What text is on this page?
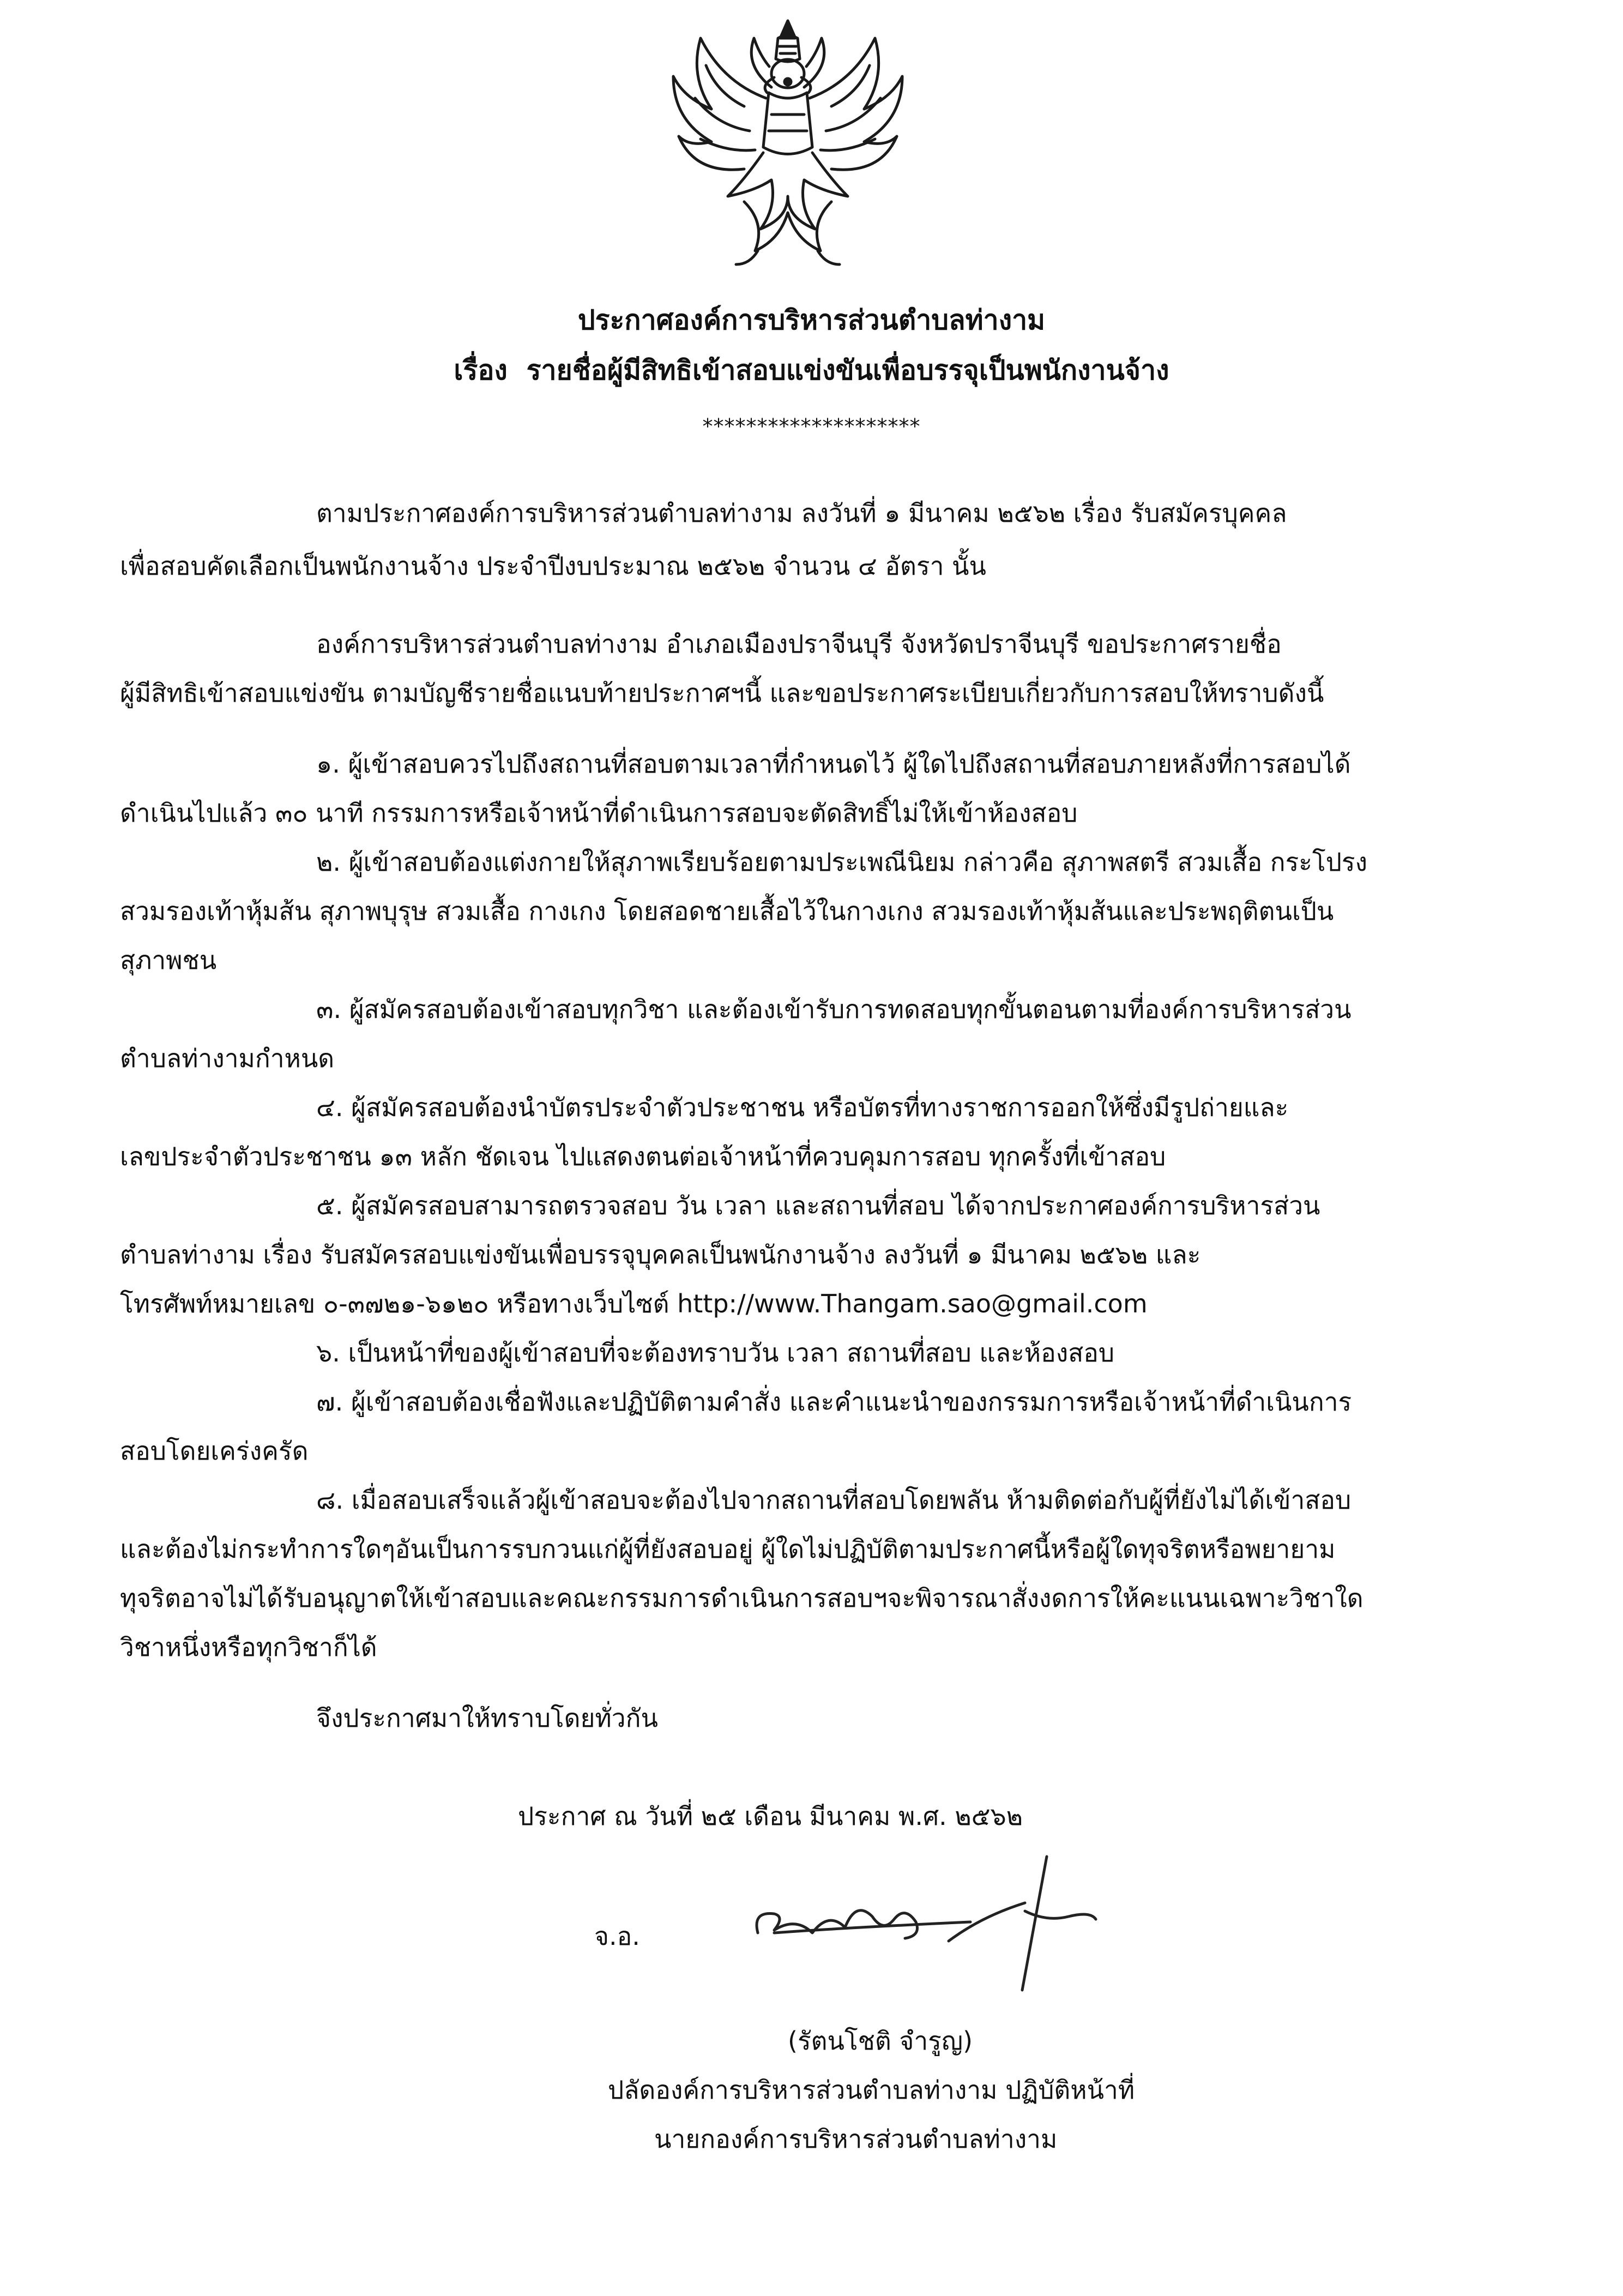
ประกาศองค์การบริหารส่วนตำบลท่างาม
เรื่อง รายชื่อผู้มีสิทธิเข้าสอบแข่งขันเพื่อบรรจุเป็นพนักงานจ้าง
********************
ตามประกาศองค์การบริหารส่วนตำบลท่างาม ลงวันที่ ๑ มีนาคม ๒๕๖๒ เรื่อง รับสมัครบุคคล
เพื่อสอบคัดเลือกเป็นพนักงานจ้าง ประจำปีงบประมาณ ๒๕๖๒ จำนวน ๔ อัตรา นั้น
องค์การบริหารส่วนตำบลท่างาม อำเภอเมืองปราจีนบุรี จังหวัดปราจีนบุรี ขอประกาศรายชื่อ
ผู้มีสิทธิเข้าสอบแข่งขัน ตามบัญชีรายชื่อแนบท้ายประกาศฯนี้ และขอประกาศระเบียบเกี่ยวกับการสอบให้ทราบดังนี้
๑. ผู้เข้าสอบควรไปถึงสถานที่สอบตามเวลาที่กำหนดไว้ ผู้ใดไปถึงสถานที่สอบภายหลังที่การสอบได้
ดำเนินไปแล้ว ๓๐ นาที กรรมการหรือเจ้าหน้าที่ดำเนินการสอบจะตัดสิทธิ์ไม่ให้เข้าห้องสอบ
๒. ผู้เข้าสอบต้องแต่งกายให้สุภาพเรียบร้อยตามประเพณีนิยม กล่าวคือ สุภาพสตรี สวมเสื้อ กระโปรง
สวมรองเท้าหุ้มส้น สุภาพบุรุษ สวมเสื้อ กางเกง โดยสอดชายเสื้อไว้ในกางเกง สวมรองเท้าหุ้มส้นและประพฤติตนเป็น
สุภาพชน
๓. ผู้สมัครสอบต้องเข้าสอบทุกวิชา และต้องเข้ารับการทดสอบทุกขั้นตอนตามที่องค์การบริหารส่วน
ตำบลท่างามกำหนด
๔. ผู้สมัครสอบต้องนำบัตรประจำตัวประชาชน หรือบัตรที่ทางราชการออกให้ซึ่งมีรูปถ่ายและ
เลขประจำตัวประชาชน ๑๓ หลัก ชัดเจน ไปแสดงตนต่อเจ้าหน้าที่ควบคุมการสอบ ทุกครั้งที่เข้าสอบ
๕. ผู้สมัครสอบสามารถตรวจสอบ วัน เวลา และสถานที่สอบ ได้จากประกาศองค์การบริหารส่วน
ตำบลท่างาม เรื่อง รับสมัครสอบแข่งขันเพื่อบรรจุบุคคลเป็นพนักงานจ้าง ลงวันที่ ๑ มีนาคม ๒๕๖๒ และ
โทรศัพท์หมายเลข ๐-๓๗๒๑-๖๑๒๐ หรือทางเว็บไซต์ http://www.Thangam.sao@gmail.com
๖. เป็นหน้าที่ของผู้เข้าสอบที่จะต้องทราบวัน เวลา สถานที่สอบ และห้องสอบ
๗. ผู้เข้าสอบต้องเชื่อฟังและปฏิบัติตามคำสั่ง และคำแนะนำของกรรมการหรือเจ้าหน้าที่ดำเนินการ
สอบโดยเคร่งครัด
๘. เมื่อสอบเสร็จแล้วผู้เข้าสอบจะต้องไปจากสถานที่สอบโดยพลัน ห้ามติดต่อกับผู้ที่ยังไม่ได้เข้าสอบ
และต้องไม่กระทำการใดๆอันเป็นการรบกวนแก่ผู้ที่ยังสอบอยู่ ผู้ใดไม่ปฏิบัติตามประกาศนี้หรือผู้ใดทุจริตหรือพยายาม
ทุจริตอาจไม่ได้รับอนุญาตให้เข้าสอบและคณะกรรมการดำเนินการสอบฯจะพิจารณาสั่งงดการให้คะแนนเฉพาะวิชาใด
วิชาหนึ่งหรือทุกวิชาก็ได้
จึงประกาศมาให้ทราบโดยทั่วกัน
ประกาศ ณ วันที่ ๒๕ เดือน มีนาคม พ.ศ. ๒๕๖๒
จ.อ.
(รัตนโชติ จำรูญ)
ปลัดองค์การบริหารส่วนตำบลท่างาม ปฏิบัติหน้าที่
นายกองค์การบริหารส่วนตำบลท่างาม
